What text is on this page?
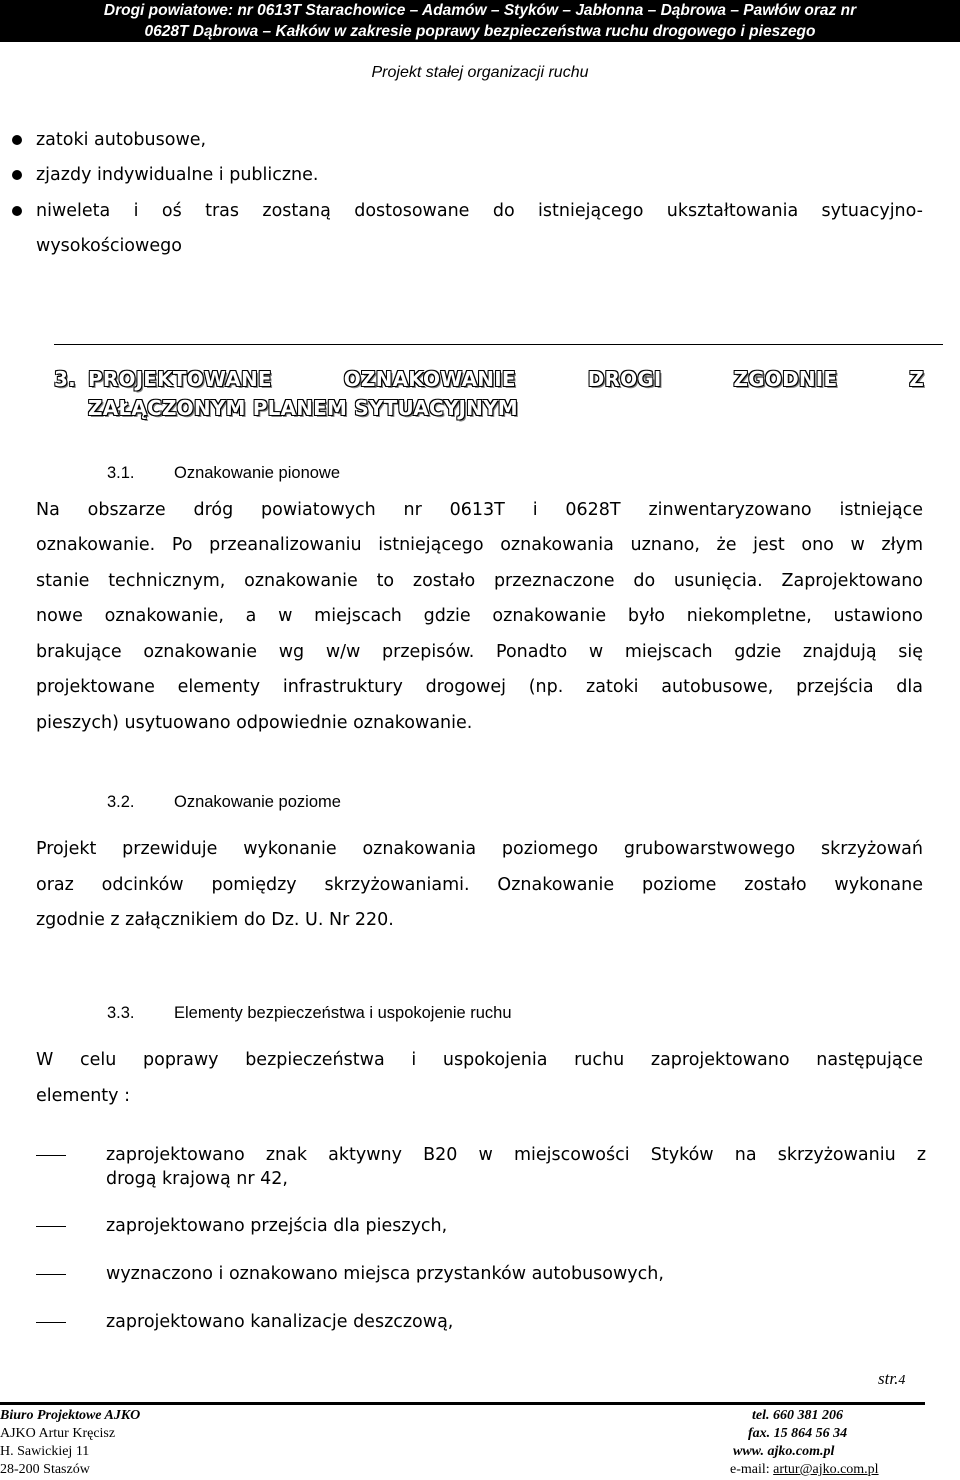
Drogi powiatowe: nr 0613T Starachowice – Adamów – Styków – Jabłonna – Dąbrowa – Pawłów oraz nr
0628T Dąbrowa – Kałków w zakresie poprawy bezpieczeństwa ruchu drogowego i pieszego
Projekt stałej organizacji ruchu
zatoki autobusowe,
zjazdy indywidualne i publiczne.
niweleta i oś tras zostaną dostosowane do istniejącego ukształtowania sytuacyjno-
wysokościowego
3. PROJEKTOWANE OZNAKOWANIE DROGI ZGODNIE Z
ZAŁĄCZONYM PLANEM SYTUACYJNYM
3.1. Oznakowanie pionowe
Na obszarze dróg powiatowych nr 0613T i 0628T zinwentaryzowano istniejące
oznakowanie. Po przeanalizowaniu istniejącego oznakowania uznano, że jest ono w złym
stanie technicznym, oznakowanie to zostało przeznaczone do usunięcia. Zaprojektowano
nowe oznakowanie, a w miejscach gdzie oznakowanie było niekompletne, ustawiono
brakujące oznakowanie wg w/w przepisów. Ponadto w miejscach gdzie znajdują się
projektowane elementy infrastruktury drogowej (np. zatoki autobusowe, przejścia dla
pieszych) usytuowano odpowiednie oznakowanie.
3.2. Oznakowanie poziome
Projekt przewiduje wykonanie oznakowania poziomego grubowarstwowego skrzyżowań
oraz odcinków pomiędzy skrzyżowaniami. Oznakowanie poziome zostało wykonane
zgodnie z załącznikiem do Dz. U. Nr 220.
3.3. Elementy bezpieczeństwa i uspokojenie ruchu
W celu poprawy bezpieczeństwa i uspokojenia ruchu zaprojektowano następujące
elementy :
zaprojektowano znak aktywny B20 w miejscowości Styków na skrzyżowaniu z
drogą krajową nr 42,
zaprojektowano przejścia dla pieszych,
wyznaczono i oznakowano miejsca przystanków autobusowych,
zaprojektowano kanalizacje deszczową,
str.4
Biuro Projektowe AJKO
AJKO Artur Kręcisz
H. Sawickiej 11
28-200 Staszów
tel. 660 381 206
fax. 15 864 56 34
www. ajko.com.pl
e-mail: artur@ajko.com.pl
